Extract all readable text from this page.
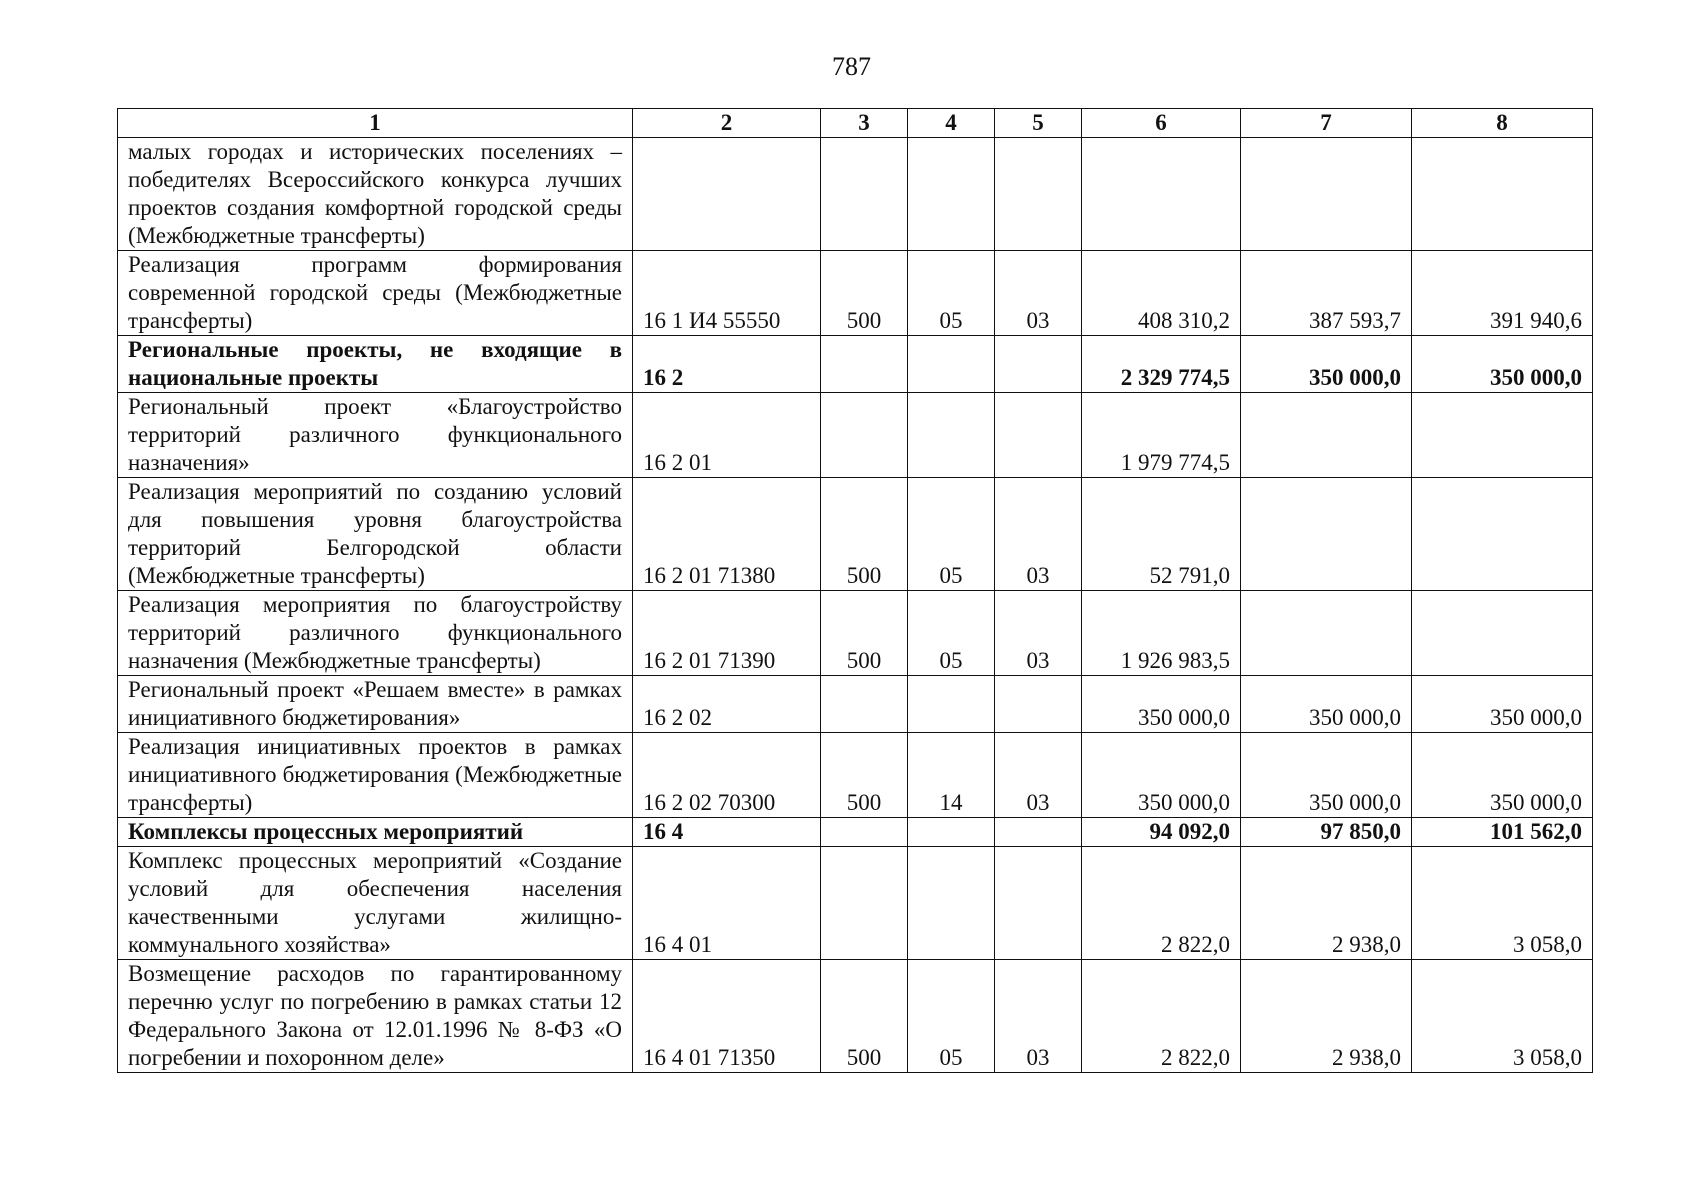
787
1	2	3	4	5	6	7	8
малых городах и исторических поселениях – победителях Всероссийского конкурса лучших проектов создания комфортной городской среды (Межбюджетные трансферты)							
Реализация программ формирования современной городской среды (Межбюджетные трансферты)	16 1 И4 55550	500	05	03	408 310,2	387 593,7	391 940,6
Региональные проекты, не входящие в национальные проекты	16 2				2 329 774,5	350 000,0	350 000,0
Региональный проект «Благоустройство территорий различного функционального назначения»	16 2 01				1 979 774,5		
Реализация мероприятий по созданию условий для повышения уровня благоустройства территорий Белгородской области (Межбюджетные трансферты)	16 2 01 71380	500	05	03	52 791,0		
Реализация мероприятия по благоустройству территорий различного функционального назначения (Межбюджетные трансферты)	16 2 01 71390	500	05	03	1 926 983,5		
Региональный проект «Решаем вместе» в рамках инициативного бюджетирования»	16 2 02				350 000,0	350 000,0	350 000,0
Реализация инициативных проектов в рамках инициативного бюджетирования (Межбюджетные трансферты)	16 2 02 70300	500	14	03	350 000,0	350 000,0	350 000,0
Комплексы процессных мероприятий	16 4				94 092,0	97 850,0	101 562,0
Комплекс процессных мероприятий «Создание условий для обеспечения населения качественными услугами жилищно-коммунального хозяйства»	16 4 01				2 822,0	2 938,0	3 058,0
Возмещение расходов по гарантированному перечню услуг по погребению в рамках статьи 12 Федерального Закона от 12.01.1996 № 8-ФЗ «О погребении и похоронном деле»	16 4 01 71350	500	05	03	2 822,0	2 938,0	3 058,0
